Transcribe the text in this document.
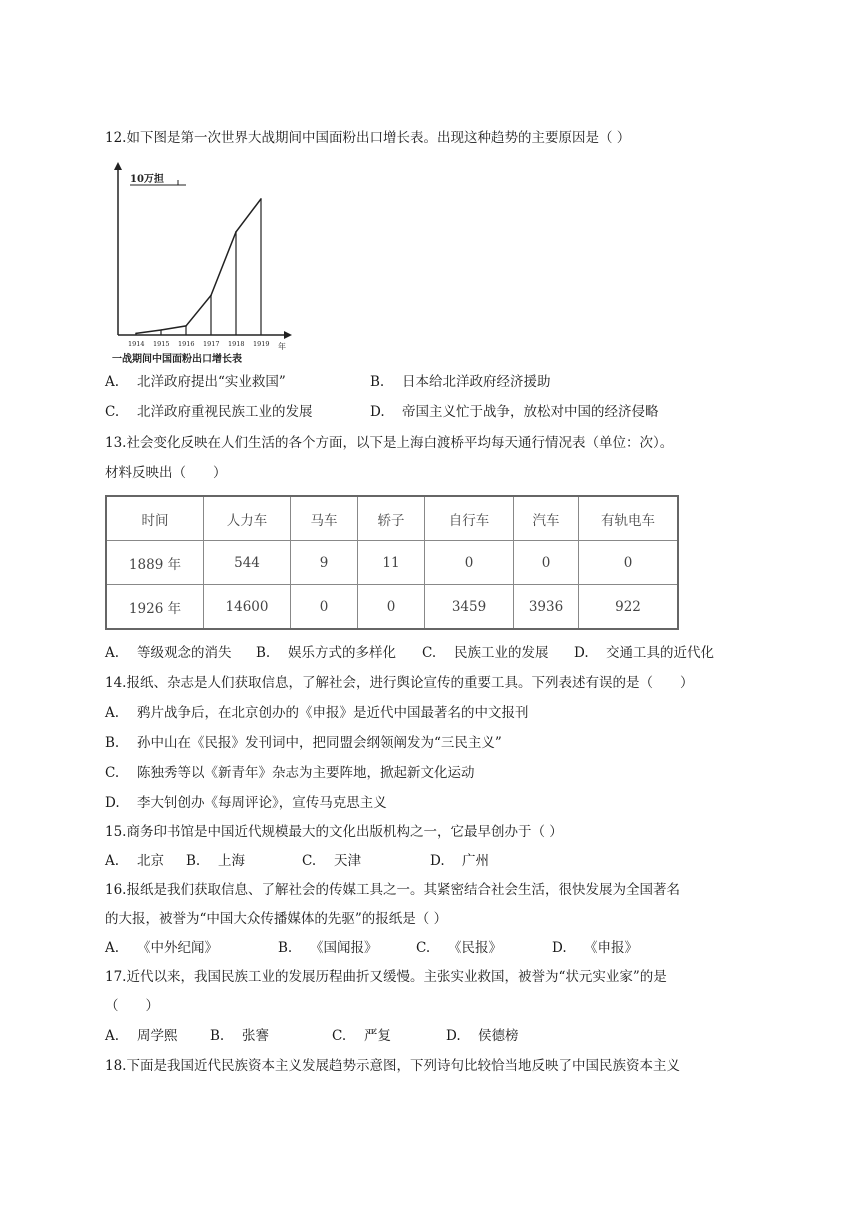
12.如下图是第一次世界大战期间中国面粉出口增长表。出现这种趋势的主要原因是（ ）
1914 1915 1916 1917 1918 1919
10万担
年
一战期间中国面粉出口增长表
A. 北洋政府提出“实业救国”	B. 日本给北洋政府经济援助
C. 北洋政府重视民族工业的发展	D. 帝国主义忙于战争，放松对中国的经济侵略
13.社会变化反映在人们生活的各个方面，以下是上海白渡桥平均每天通行情况表（单位：次）。
材料反映出（　　）
时间	人力车	马车	轿子	自行车	汽车	有轨电车
1889 年	544	9	11	0	0	0
1926 年	14600	0	0	3459	3936	922
A. 等级观念的消失 B. 娱乐方式的多样化 C. 民族工业的发展 D. 交通工具的近代化
14.报纸、杂志是人们获取信息，了解社会，进行舆论宣传的重要工具。下列表述有误的是（　　）
A. 鸦片战争后，在北京创办的《申报》是近代中国最著名的中文报刊
B. 孙中山在《民报》发刊词中，把同盟会纲领阐发为“三民主义”
C. 陈独秀等以《新青年》杂志为主要阵地，掀起新文化运动
D. 李大钊创办《每周评论》，宣传马克思主义
15.商务印书馆是中国近代规模最大的文化出版机构之一，它最早创办于（ ）
A. 北京 B. 上海	C. 天津	D. 广州
16.报纸是我们获取信息、了解社会的传媒工具之一。其紧密结合社会生活，很快发展为全国著名
的大报，被誉为“中国大众传播媒体的先驱”的报纸是（ ）
A. 《中外纪闻》	B. 《国闻报》	C. 《民报》	D. 《申报》
17.近代以来，我国民族工业的发展历程曲折又缓慢。主张实业救国，被誉为“状元实业家”的是
（　　）
A. 周学熙 B. 张謇	C. 严复	D. 侯德榜
18.下面是我国近代民族资本主义发展趋势示意图，下列诗句比较恰当地反映了中国民族资本主义
